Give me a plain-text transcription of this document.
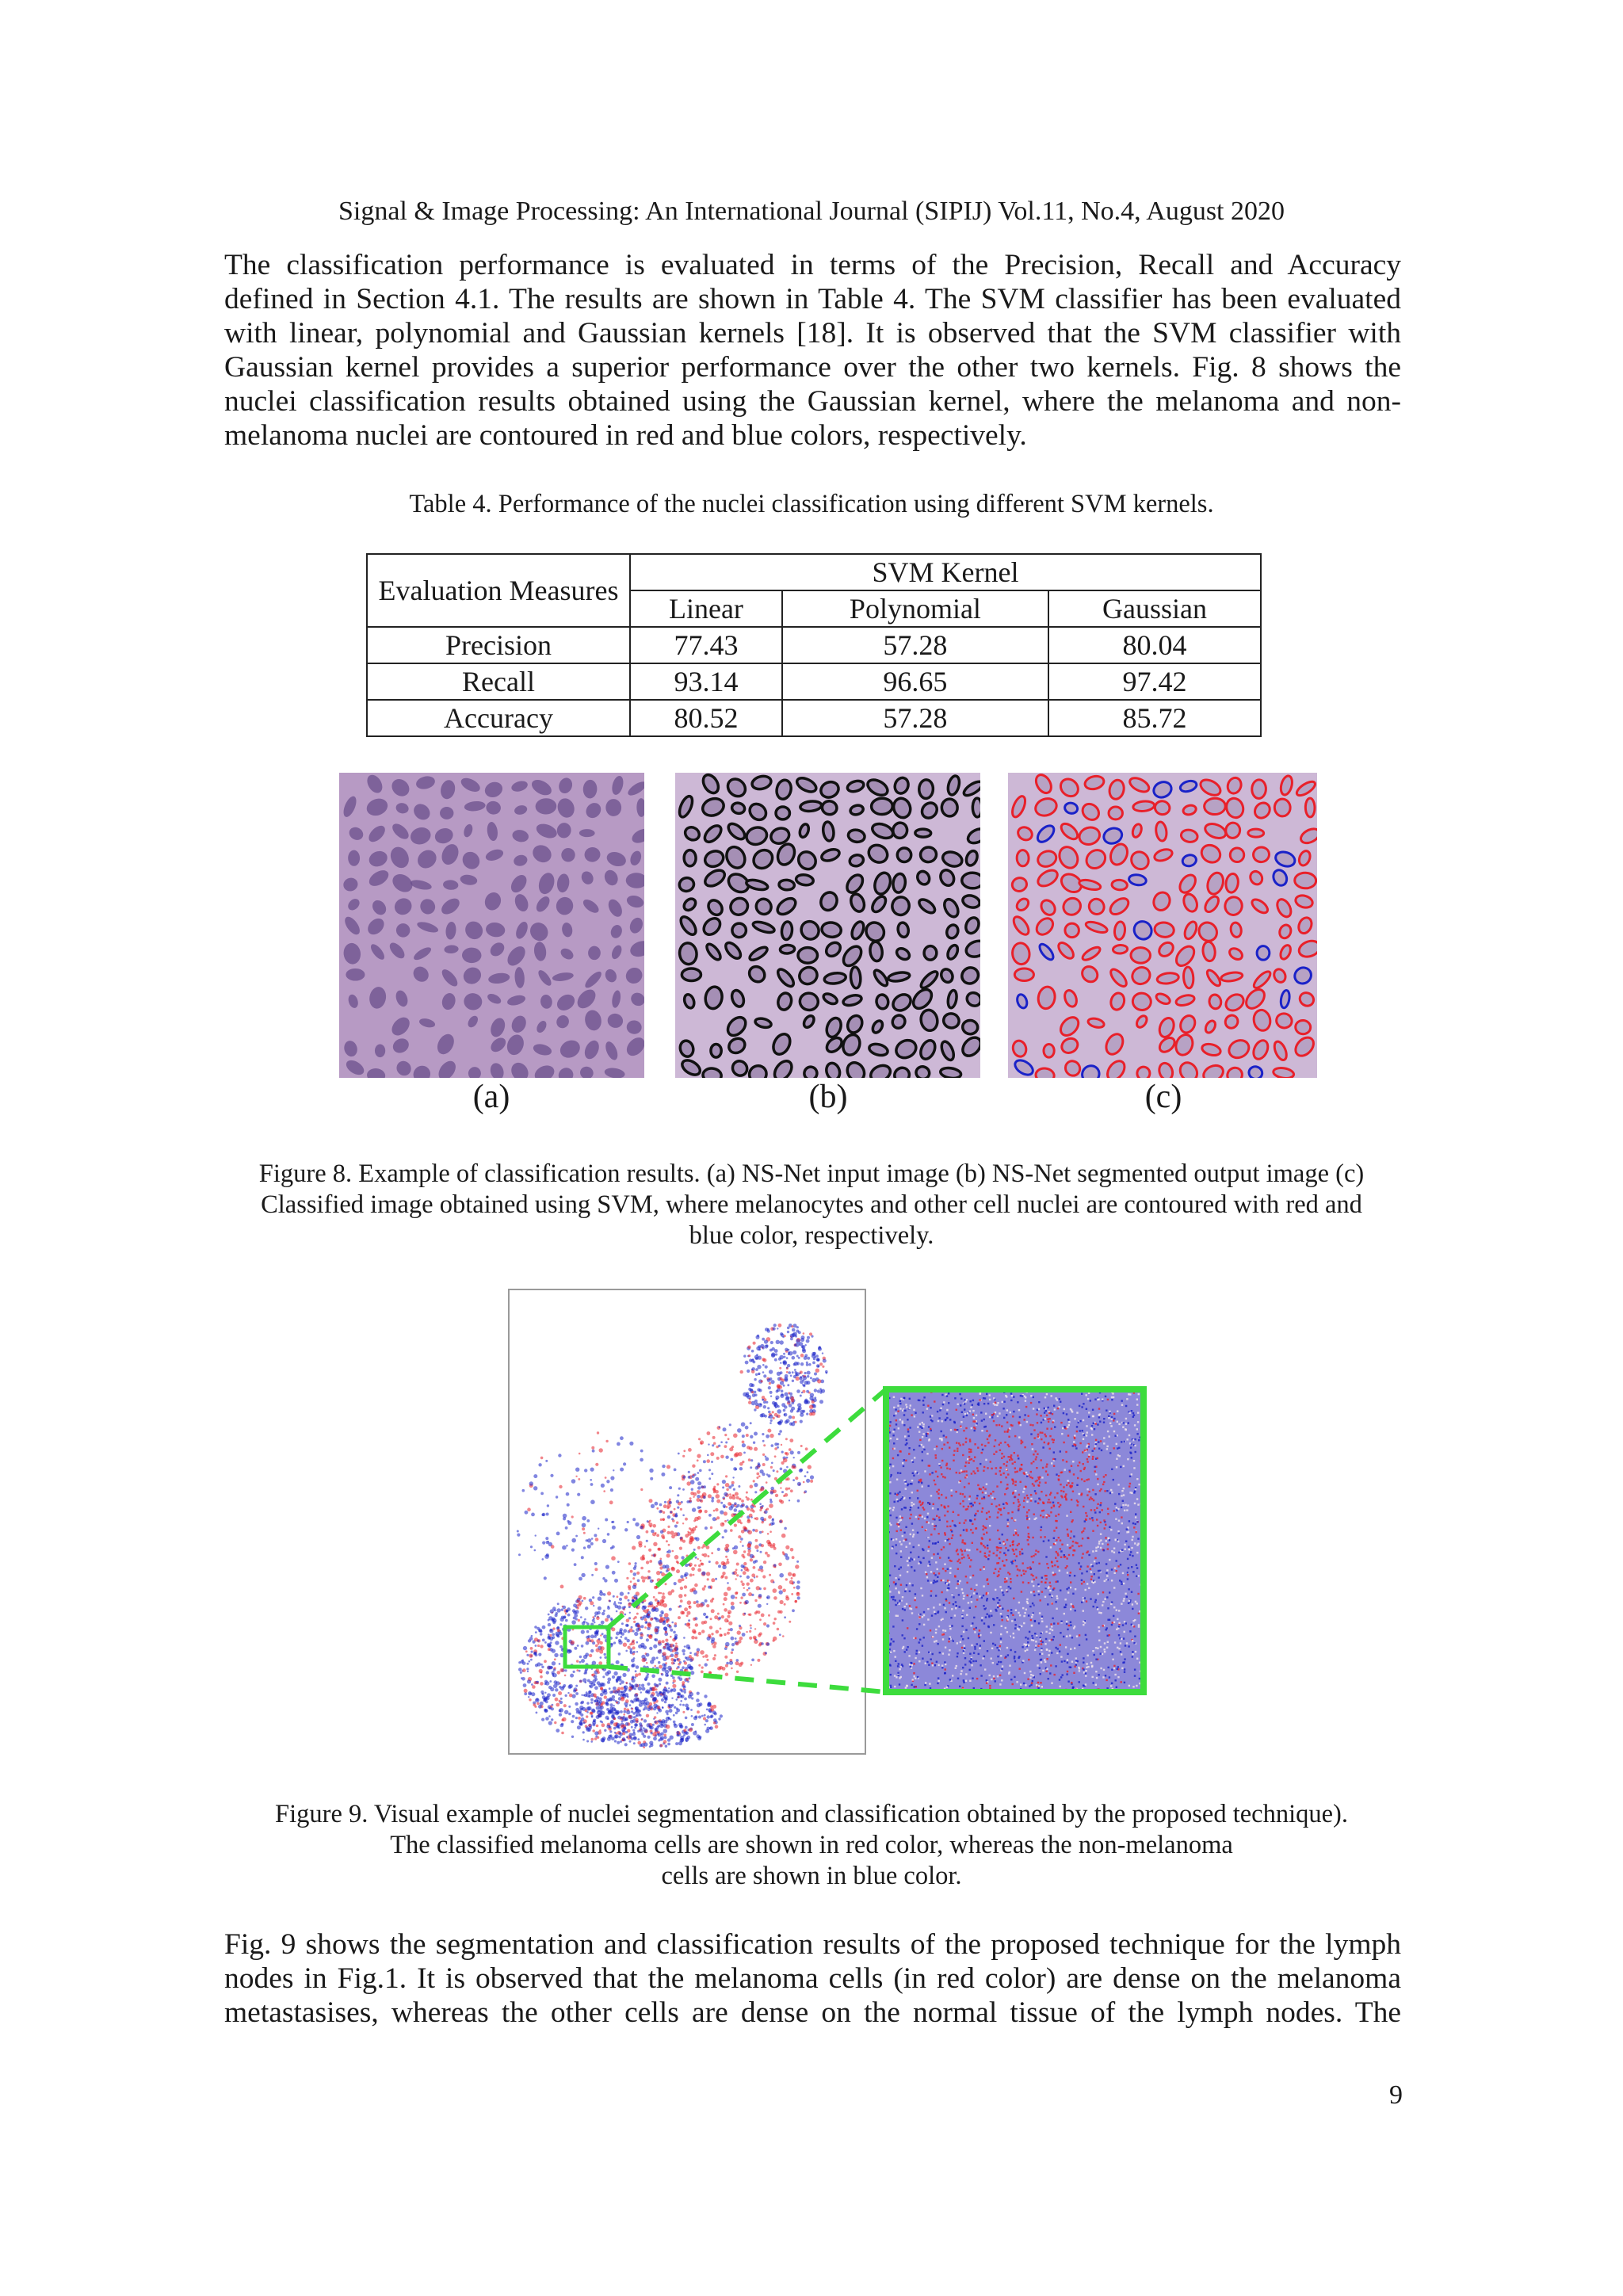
Signal & Image Processing: An International Journal (SIPIJ) Vol.11, No.4, August 2020
The classification performance is evaluated in terms of the Precision, Recall and Accuracy
defined in Section 4.1. The results are shown in Table 4. The SVM classifier has been evaluated
with linear, polynomial and Gaussian kernels [18]. It is observed that the SVM classifier with
Gaussian kernel provides a superior performance over the other two kernels. Fig. 8 shows the
nuclei classification results obtained using the Gaussian kernel, where the melanoma and non-
melanoma nuclei are contoured in red and blue colors, respectively.
Table 4. Performance of the nuclei classification using different SVM kernels.
Evaluation Measures	SVM Kernel		
	Linear	Polynomial	Gaussian
Precision	77.43	57.28	80.04
Recall	93.14	96.65	97.42
Accuracy	80.52	57.28	85.72
(a)	(b)	(c)
Figure 8. Example of classification results. (a) NS-Net input image (b) NS-Net segmented output image (c)
Classified image obtained using SVM, where melanocytes and other cell nuclei are contoured with red and
blue color, respectively.
Figure 9. Visual example of nuclei segmentation and classification obtained by the proposed technique).
The classified melanoma cells are shown in red color, whereas the non-melanoma
cells are shown in blue color.
Fig. 9 shows the segmentation and classification results of the proposed technique for the lymph
nodes in Fig.1. It is observed that the melanoma cells (in red color) are dense on the melanoma
metastasises, whereas the other cells are dense on the normal tissue of the lymph nodes. The
9
